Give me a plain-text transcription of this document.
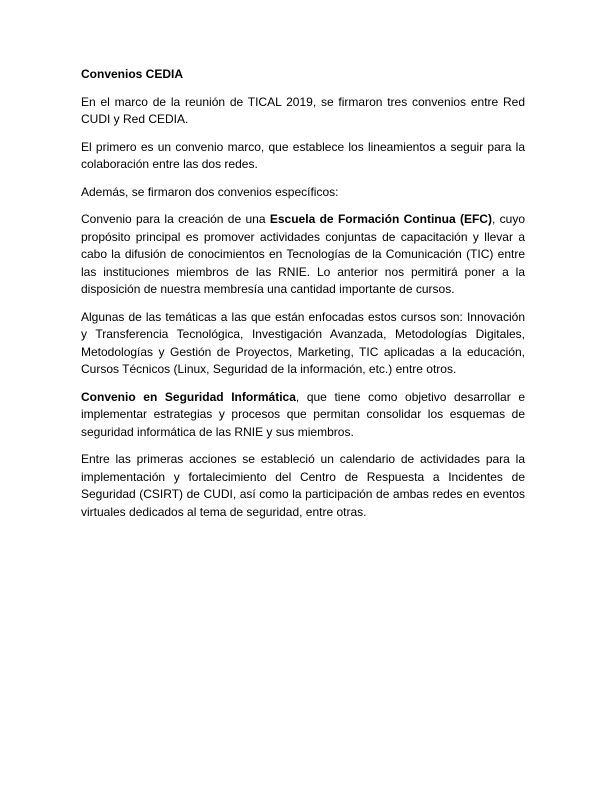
Convenios CEDIA

En el marco de la reunión de TICAL 2019, se firmaron tres convenios entre Red CUDI y Red CEDIA.

El primero es un convenio marco, que establece los lineamientos a seguir para la colaboración entre las dos redes.

Además, se firmaron dos convenios específicos:

Convenio para la creación de una Escuela de Formación Continua (EFC), cuyo propósito principal es promover actividades conjuntas de capacitación y llevar a cabo la difusión de conocimientos en Tecnologías de la Comunicación (TIC) entre las instituciones miembros de las RNIE. Lo anterior nos permitirá poner a la disposición de nuestra membresía una cantidad importante de cursos.

Algunas de las temáticas a las que están enfocadas estos cursos son: Innovación y Transferencia Tecnológica, Investigación Avanzada, Metodologías Digitales, Metodologías y Gestión de Proyectos, Marketing, TIC aplicadas a la educación, Cursos Técnicos (Linux, Seguridad de la información, etc.) entre otros.

Convenio en Seguridad Informática, que tiene como objetivo desarrollar e implementar estrategias y procesos que permitan consolidar los esquemas de seguridad informática de las RNIE y sus miembros.

Entre las primeras acciones se estableció un calendario de actividades para la implementación y fortalecimiento del Centro de Respuesta a Incidentes de Seguridad (CSIRT) de CUDI, así como la participación de ambas redes en eventos virtuales dedicados al tema de seguridad, entre otras.
